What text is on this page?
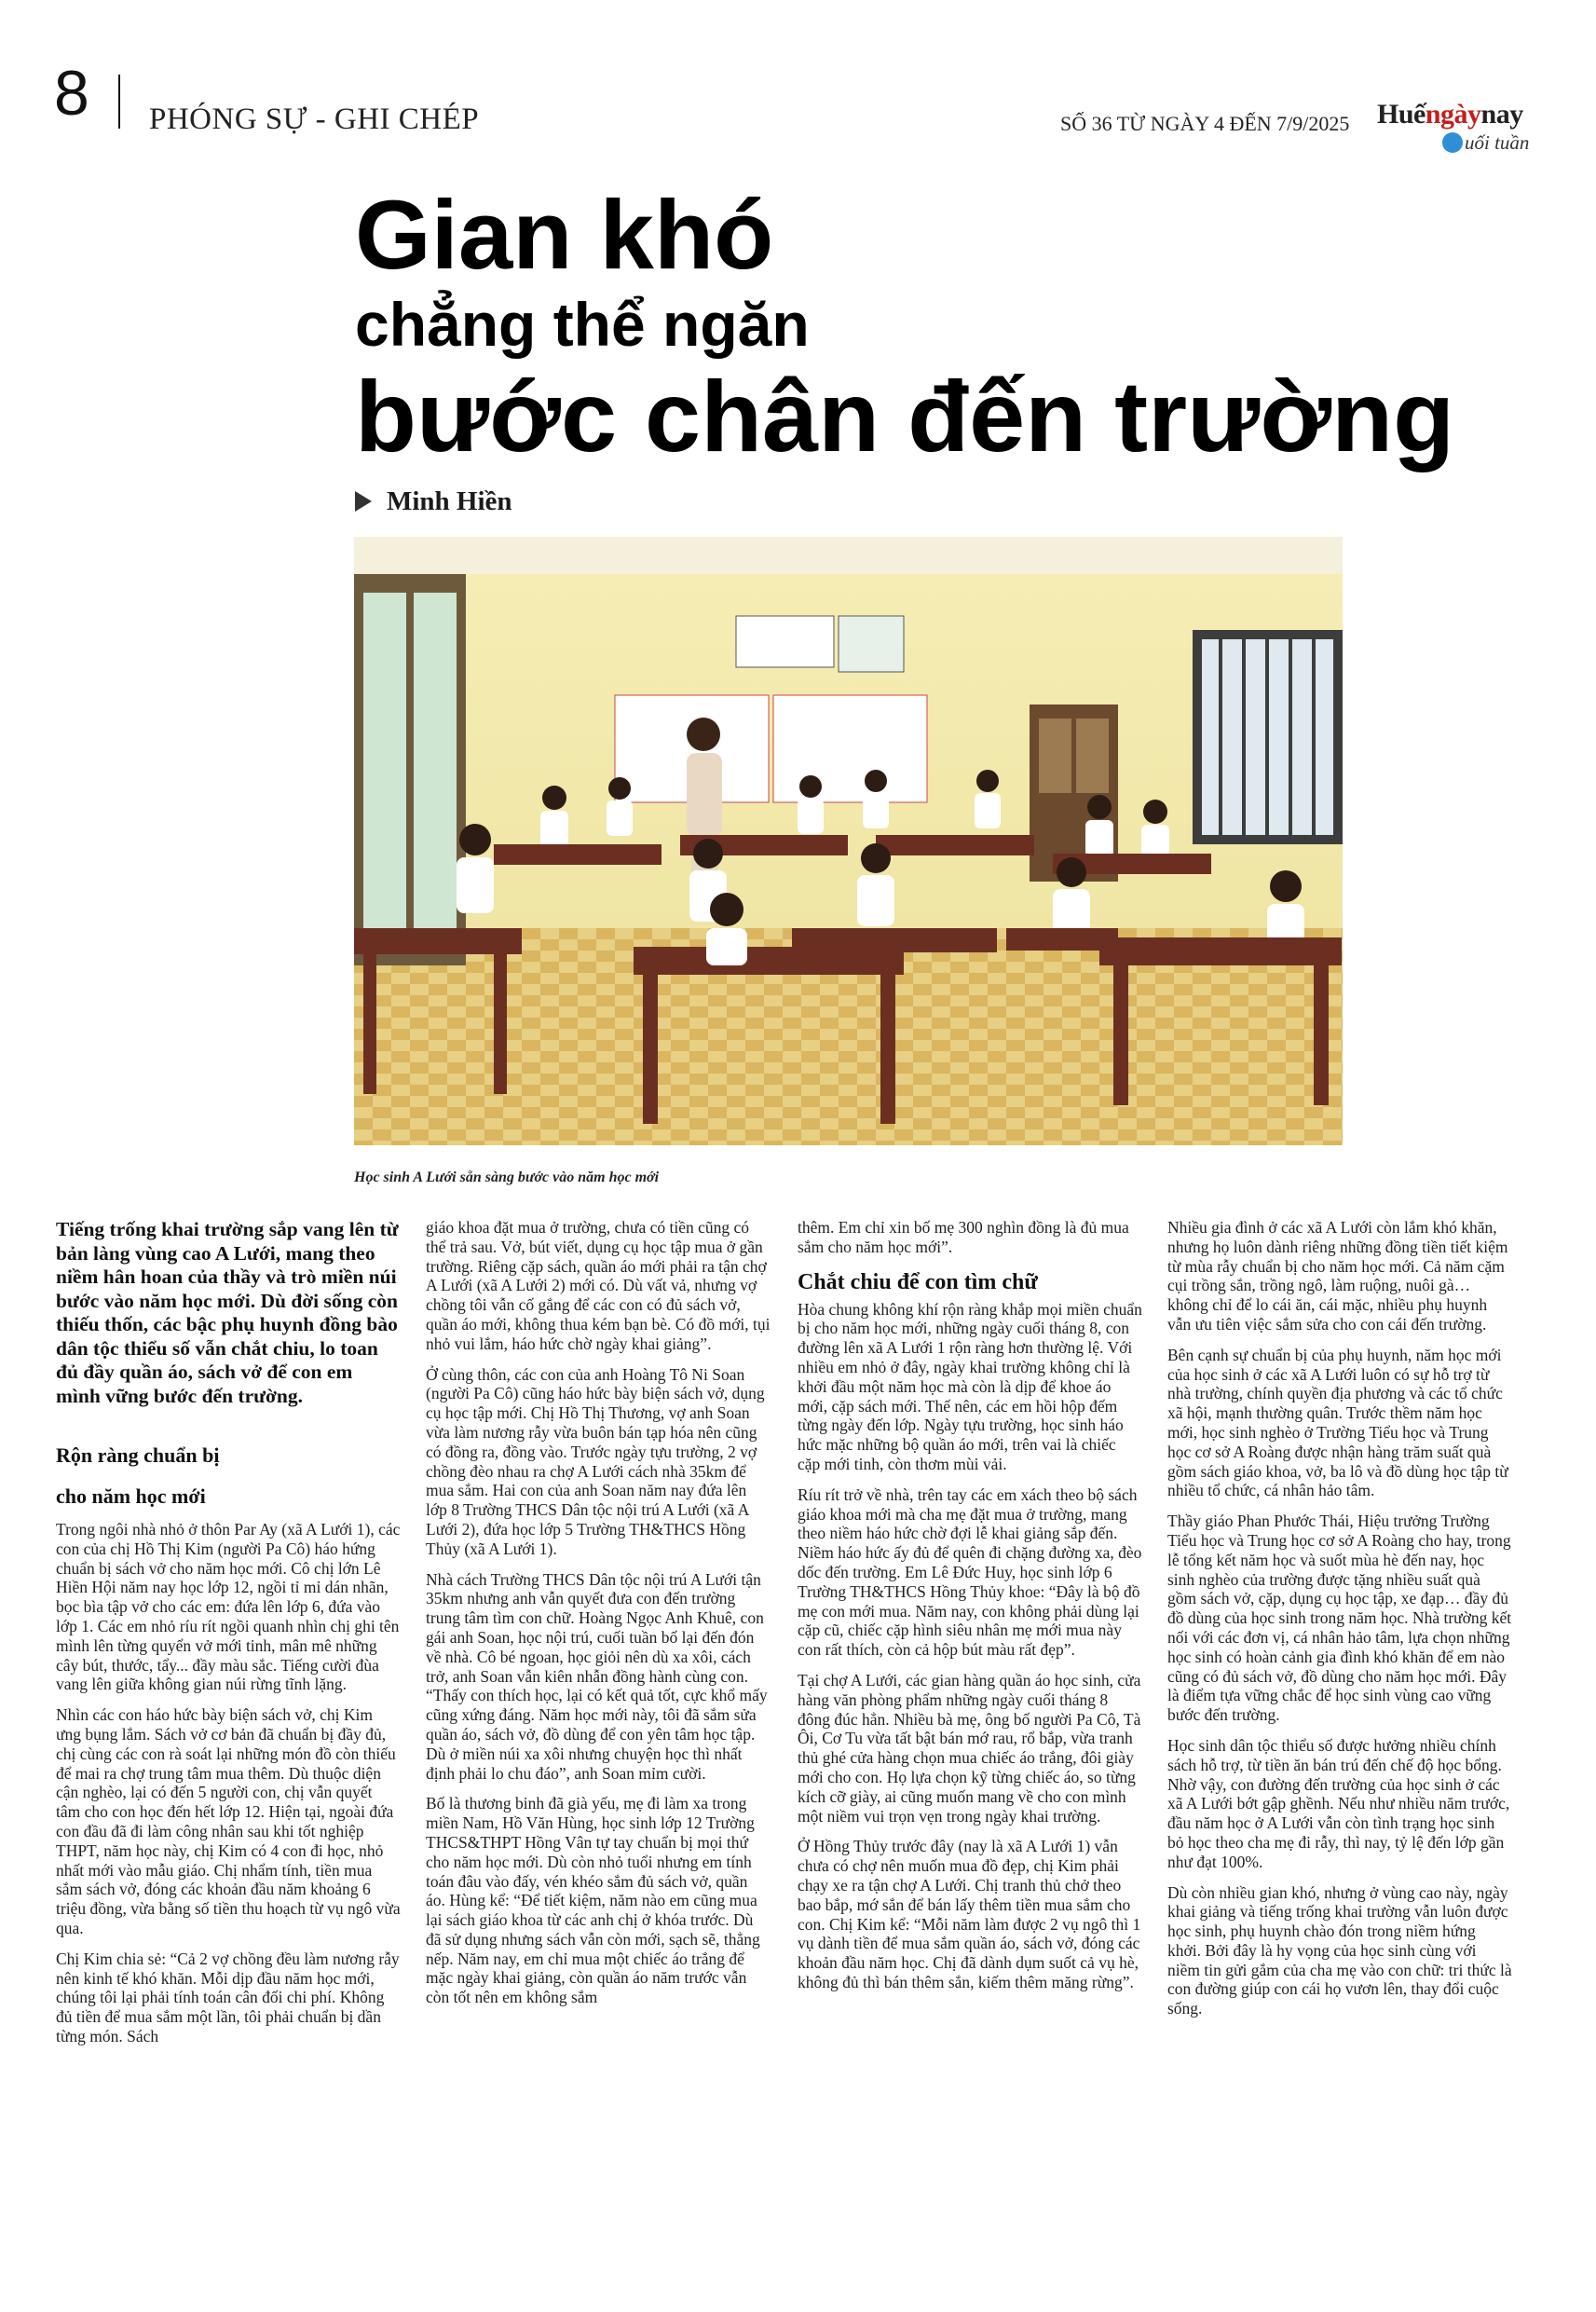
8 PHÓNG SỰ - GHI CHÉP	SỐ 36 TỪ NGÀY 4 ĐẾN 7/9/2025 Huếngàynay
uối tuần
Gian khó
chẳng thể ngăn
bước chân đến trường
Minh Hiền
Học sinh A Lưới sẵn sàng bước vào năm học mới

Tiếng trống khai trường sắp vang lên từ bản làng vùng cao A Lưới, mang theo niềm hân hoan của thầy và trò miền núi bước vào năm học mới. Dù đời sống còn thiếu thốn, các bậc phụ huynh đồng bào dân tộc thiểu số vẫn chắt chiu, lo toan đủ đầy quần áo, sách vở để con em mình vững bước đến trường.

Rộn ràng chuẩn bị
cho năm học mới

Trong ngôi nhà nhỏ ở thôn Par Ay (xã A Lưới 1), các con của chị Hồ Thị Kim (người Pa Cô) háo hứng chuẩn bị sách vở cho năm học mới. Cô chị lớn Lê Hiền Hội năm nay học lớp 12, ngồi tỉ mỉ dán nhãn, bọc bìa tập vở cho các em: đứa lên lớp 6, đứa vào lớp 1. Các em nhỏ ríu rít ngồi quanh nhìn chị ghi tên mình lên từng quyển vở mới tinh, mân mê những cây bút, thước, tẩy... đầy màu sắc. Tiếng cười đùa vang lên giữa không gian núi rừng tĩnh lặng.

Nhìn các con háo hức bày biện sách vở, chị Kim ưng bụng lắm. Sách vở cơ bản đã chuẩn bị đầy đủ, chị cùng các con rà soát lại những món đồ còn thiếu để mai ra chợ trung tâm mua thêm. Dù thuộc diện cận nghèo, lại có đến 5 người con, chị vẫn quyết tâm cho con học đến hết lớp 12. Hiện tại, ngoài đứa con đầu đã đi làm công nhân sau khi tốt nghiệp THPT, năm học này, chị Kim có 4 con đi học, nhỏ nhất mới vào mẫu giáo. Chị nhẩm tính, tiền mua sắm sách vở, đóng các khoản đầu năm khoảng 6 triệu đồng, vừa bằng số tiền thu hoạch từ vụ ngô vừa qua.

Chị Kim chia sẻ: “Cả 2 vợ chồng đều làm nương rẫy nên kinh tế khó khăn. Mỗi dịp đầu năm học mới, chúng tôi lại phải tính toán cân đối chi phí. Không đủ tiền để mua sắm một lần, tôi phải chuẩn bị dần từng món. Sách

giáo khoa đặt mua ở trường, chưa có tiền cũng có thể trả sau. Vở, bút viết, dụng cụ học tập mua ở gần trường. Riêng cặp sách, quần áo mới phải ra tận chợ A Lưới (xã A Lưới 2) mới có. Dù vất vả, nhưng vợ chồng tôi vẫn cố gắng để các con có đủ sách vở, quần áo mới, không thua kém bạn bè. Có đồ mới, tụi nhỏ vui lắm, háo hức chờ ngày khai giảng”.

Ở cùng thôn, các con của anh Hoàng Tô Ni Soan (người Pa Cô) cũng háo hức bày biện sách vở, dụng cụ học tập mới. Chị Hồ Thị Thương, vợ anh Soan vừa làm nương rẫy vừa buôn bán tạp hóa nên cũng có đồng ra, đồng vào. Trước ngày tựu trường, 2 vợ chồng đèo nhau ra chợ A Lưới cách nhà 35km để mua sắm. Hai con của anh Soan năm nay đứa lên lớp 8 Trường THCS Dân tộc nội trú A Lưới (xã A Lưới 2), đứa học lớp 5 Trường TH&THCS Hồng Thủy (xã A Lưới 1).

Nhà cách Trường THCS Dân tộc nội trú A Lưới tận 35km nhưng anh vẫn quyết đưa con đến trường trung tâm tìm con chữ. Hoàng Ngọc Anh Khuê, con gái anh Soan, học nội trú, cuối tuần bố lại đến đón về nhà. Cô bé ngoan, học giỏi nên dù xa xôi, cách trở, anh Soan vẫn kiên nhẫn đồng hành cùng con. “Thấy con thích học, lại có kết quả tốt, cực khổ mấy cũng xứng đáng. Năm học mới này, tôi đã sắm sửa quần áo, sách vở, đồ dùng để con yên tâm học tập. Dù ở miền núi xa xôi nhưng chuyện học thì nhất định phải lo chu đáo”, anh Soan mỉm cười.

Bố là thương binh đã già yếu, mẹ đi làm xa trong miền Nam, Hồ Văn Hùng, học sinh lớp 12 Trường THCS&THPT Hồng Vân tự tay chuẩn bị mọi thứ cho năm học mới. Dù còn nhỏ tuổi nhưng em tính toán đâu vào đấy, vén khéo sắm đủ sách vở, quần áo. Hùng kể: “Để tiết kiệm, năm nào em cũng mua lại sách giáo khoa từ các anh chị ở khóa trước. Dù đã sử dụng nhưng sách vẫn còn mới, sạch sẽ, thẳng nếp. Năm nay, em chỉ mua một chiếc áo trắng để mặc ngày khai giảng, còn quần áo năm trước vẫn còn tốt nên em không sắm

thêm. Em chỉ xin bố mẹ 300 nghìn đồng là đủ mua sắm cho năm học mới”.

Chắt chiu để con tìm chữ

Hòa chung không khí rộn ràng khắp mọi miền chuẩn bị cho năm học mới, những ngày cuối tháng 8, con đường lên xã A Lưới 1 rộn ràng hơn thường lệ. Với nhiều em nhỏ ở đây, ngày khai trường không chỉ là khởi đầu một năm học mà còn là dịp để khoe áo mới, cặp sách mới. Thế nên, các em hồi hộp đếm từng ngày đến lớp. Ngày tựu trường, học sinh háo hức mặc những bộ quần áo mới, trên vai là chiếc cặp mới tinh, còn thơm mùi vải.

Ríu rít trở về nhà, trên tay các em xách theo bộ sách giáo khoa mới mà cha mẹ đặt mua ở trường, mang theo niềm háo hức chờ đợi lễ khai giảng sắp đến. Niềm háo hức ấy đủ để quên đi chặng đường xa, đèo dốc đến trường. Em Lê Đức Huy, học sinh lớp 6 Trường TH&THCS Hồng Thủy khoe: “Đây là bộ đồ mẹ con mới mua. Năm nay, con không phải dùng lại cặp cũ, chiếc cặp hình siêu nhân mẹ mới mua này con rất thích, còn cả hộp bút màu rất đẹp”.

Tại chợ A Lưới, các gian hàng quần áo học sinh, cửa hàng văn phòng phẩm những ngày cuối tháng 8 đông đúc hẳn. Nhiều bà mẹ, ông bố người Pa Cô, Tà Ôi, Cơ Tu vừa tất bật bán mớ rau, rổ bắp, vừa tranh thủ ghé cửa hàng chọn mua chiếc áo trắng, đôi giày mới cho con. Họ lựa chọn kỹ từng chiếc áo, so từng kích cỡ giày, ai cũng muốn mang về cho con mình một niềm vui trọn vẹn trong ngày khai trường.

Ở Hồng Thủy trước đây (nay là xã A Lưới 1) vẫn chưa có chợ nên muốn mua đồ đẹp, chị Kim phải chạy xe ra tận chợ A Lưới. Chị tranh thủ chở theo bao bắp, mớ sắn để bán lấy thêm tiền mua sắm cho con. Chị Kim kể: “Mỗi năm làm được 2 vụ ngô thì 1 vụ dành tiền để mua sắm quần áo, sách vở, đóng các khoản đầu năm học. Chị đã dành dụm suốt cả vụ hè, không đủ thì bán thêm sắn, kiếm thêm măng rừng”.

Nhiều gia đình ở các xã A Lưới còn lắm khó khăn, nhưng họ luôn dành riêng những đồng tiền tiết kiệm từ mùa rẫy chuẩn bị cho năm học mới. Cả năm cặm cụi trồng sắn, trồng ngô, làm ruộng, nuôi gà… không chỉ để lo cái ăn, cái mặc, nhiều phụ huynh vẫn ưu tiên việc sắm sửa cho con cái đến trường.

Bên cạnh sự chuẩn bị của phụ huynh, năm học mới của học sinh ở các xã A Lưới luôn có sự hỗ trợ từ nhà trường, chính quyền địa phương và các tổ chức xã hội, mạnh thường quân. Trước thềm năm học mới, học sinh nghèo ở Trường Tiểu học và Trung học cơ sở A Roàng được nhận hàng trăm suất quà gồm sách giáo khoa, vở, ba lô và đồ dùng học tập từ nhiều tổ chức, cá nhân hảo tâm.

Thầy giáo Phan Phước Thái, Hiệu trưởng Trường Tiểu học và Trung học cơ sở A Roàng cho hay, trong lễ tổng kết năm học và suốt mùa hè đến nay, học sinh nghèo của trường được tặng nhiều suất quà gồm sách vở, cặp, dụng cụ học tập, xe đạp… đầy đủ đồ dùng của học sinh trong năm học. Nhà trường kết nối với các đơn vị, cá nhân hảo tâm, lựa chọn những học sinh có hoàn cảnh gia đình khó khăn để em nào cũng có đủ sách vở, đồ dùng cho năm học mới. Đây là điểm tựa vững chắc để học sinh vùng cao vững bước đến trường.

Học sinh dân tộc thiểu số được hưởng nhiều chính sách hỗ trợ, từ tiền ăn bán trú đến chế độ học bổng. Nhờ vậy, con đường đến trường của học sinh ở các xã A Lưới bớt gập ghềnh. Nếu như nhiều năm trước, đầu năm học ở A Lưới vẫn còn tình trạng học sinh bỏ học theo cha mẹ đi rẫy, thì nay, tỷ lệ đến lớp gần như đạt 100%.

Dù còn nhiều gian khó, nhưng ở vùng cao này, ngày khai giảng và tiếng trống khai trường vẫn luôn được học sinh, phụ huynh chào đón trong niềm hứng khởi. Bởi đây là hy vọng của học sinh cùng với niềm tin gửi gắm của cha mẹ vào con chữ: tri thức là con đường giúp con cái họ vươn lên, thay đổi cuộc sống.
